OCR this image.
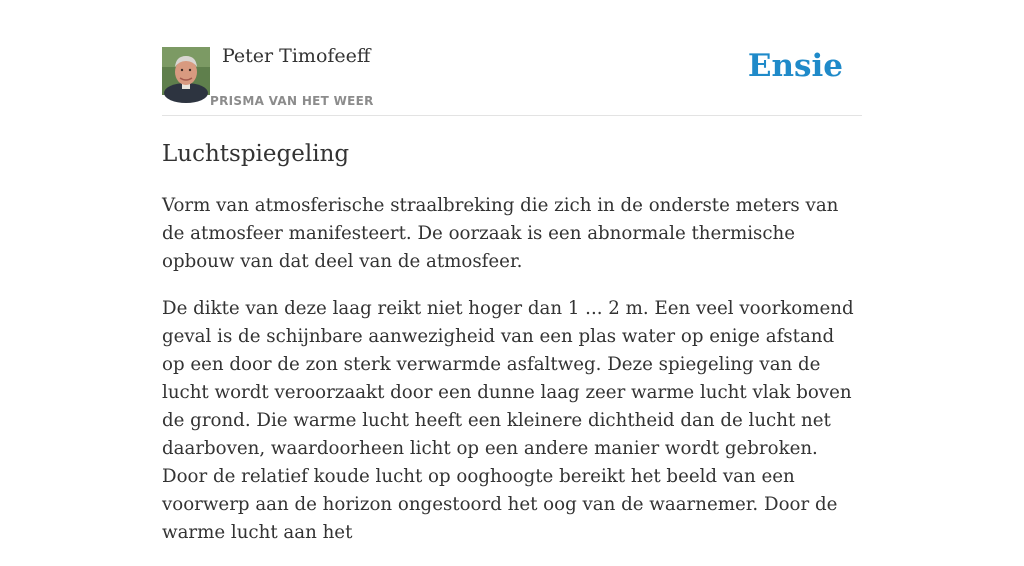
Peter Timofeeff
PRISMA VAN HET WEER
Ensie
Luchtspiegeling

Vorm van atmosferische straalbreking die zich in de onderste meters van de atmosfeer manifesteert. De oorzaak is een abnormale thermische opbouw van dat deel van de atmosfeer.

De dikte van deze laag reikt niet hoger dan 1 ... 2 m. Een veel voorkomend geval is de schijnbare aanwezigheid van een plas water op enige afstand op een door de zon sterk verwarmde asfaltweg. Deze spiegeling van de lucht wordt veroorzaakt door een dunne laag zeer warme lucht vlak boven de grond. Die warme lucht heeft een kleinere dichtheid dan de lucht net daarboven, waardoorheen licht op een andere manier wordt gebroken. Door de relatief koude lucht op ooghoogte bereikt het beeld van een voorwerp aan de horizon ongestoord het oog van de waarnemer. Door de warme lucht aan het
